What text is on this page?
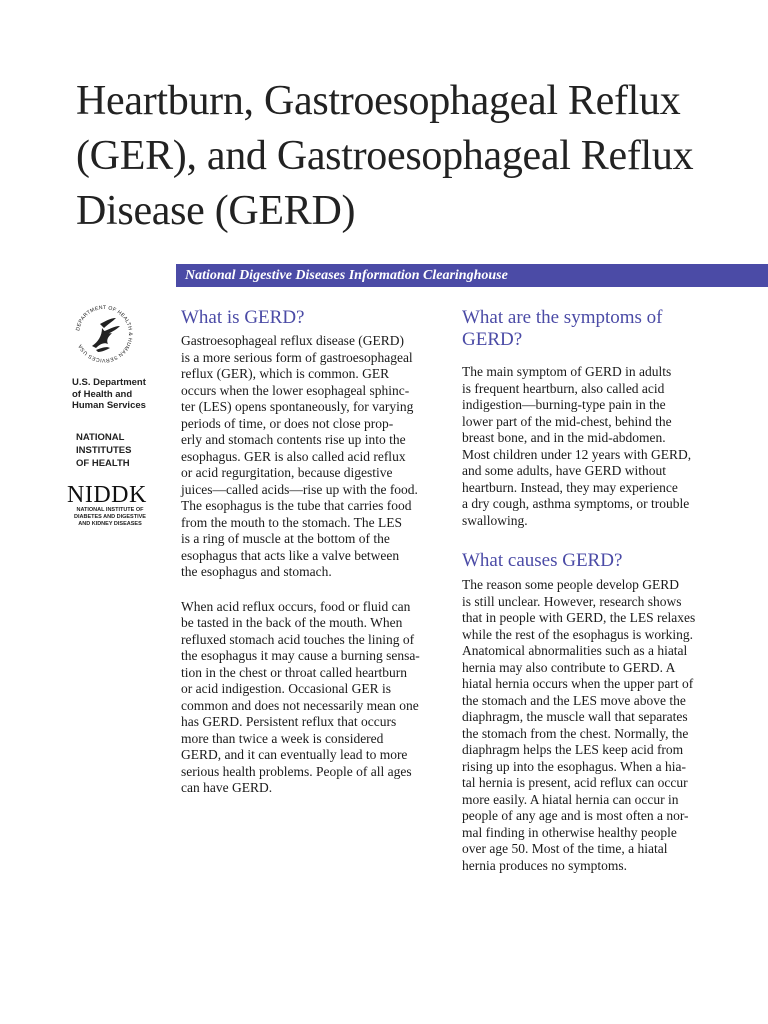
Heartburn, Gastroesophageal Reflux
(GER), and Gastroesophageal Reflux
Disease (GERD)
National Digestive Diseases Information Clearinghouse
DEPARTMENT OF HEALTH & HUMAN SERVICES USA
U.S. Department
of Health and
Human Services
NATIONAL
INSTITUTES
OF HEALTH
NIDDK
NATIONAL INSTITUTE OF
DIABETES AND DIGESTIVE
AND KIDNEY DISEASES
What is GERD?

Gastroesophageal reflux disease (GERD)
is a more serious form of gastroesophageal
reflux (GER), which is common. GER
occurs when the lower esophageal sphinc-
ter (LES) opens spontaneously, for varying
periods of time, or does not close prop-
erly and stomach contents rise up into the
esophagus. GER is also called acid reflux
or acid regurgitation, because digestive
juices—called acids—rise up with the food.
The esophagus is the tube that carries food
from the mouth to the stomach. The LES
is a ring of muscle at the bottom of the
esophagus that acts like a valve between
the esophagus and stomach.

When acid reflux occurs, food or fluid can
be tasted in the back of the mouth. When
refluxed stomach acid touches the lining of
the esophagus it may cause a burning sensa-
tion in the chest or throat called heartburn
or acid indigestion. Occasional GER is
common and does not necessarily mean one
has GERD. Persistent reflux that occurs
more than twice a week is considered
GERD, and it can eventually lead to more
serious health problems. People of all ages
can have GERD.

What are the symptoms of
GERD?

The main symptom of GERD in adults
is frequent heartburn, also called acid
indigestion—burning-type pain in the
lower part of the mid-chest, behind the
breast bone, and in the mid-abdomen.
Most children under 12 years with GERD,
and some adults, have GERD without
heartburn. Instead, they may experience
a dry cough, asthma symptoms, or trouble
swallowing.

What causes GERD?

The reason some people develop GERD
is still unclear. However, research shows
that in people with GERD, the LES relaxes
while the rest of the esophagus is working.
Anatomical abnormalities such as a hiatal
hernia may also contribute to GERD. A
hiatal hernia occurs when the upper part of
the stomach and the LES move above the
diaphragm, the muscle wall that separates
the stomach from the chest. Normally, the
diaphragm helps the LES keep acid from
rising up into the esophagus. When a hia-
tal hernia is present, acid reflux can occur
more easily. A hiatal hernia can occur in
people of any age and is most often a nor-
mal finding in otherwise healthy people
over age 50. Most of the time, a hiatal
hernia produces no symptoms.
